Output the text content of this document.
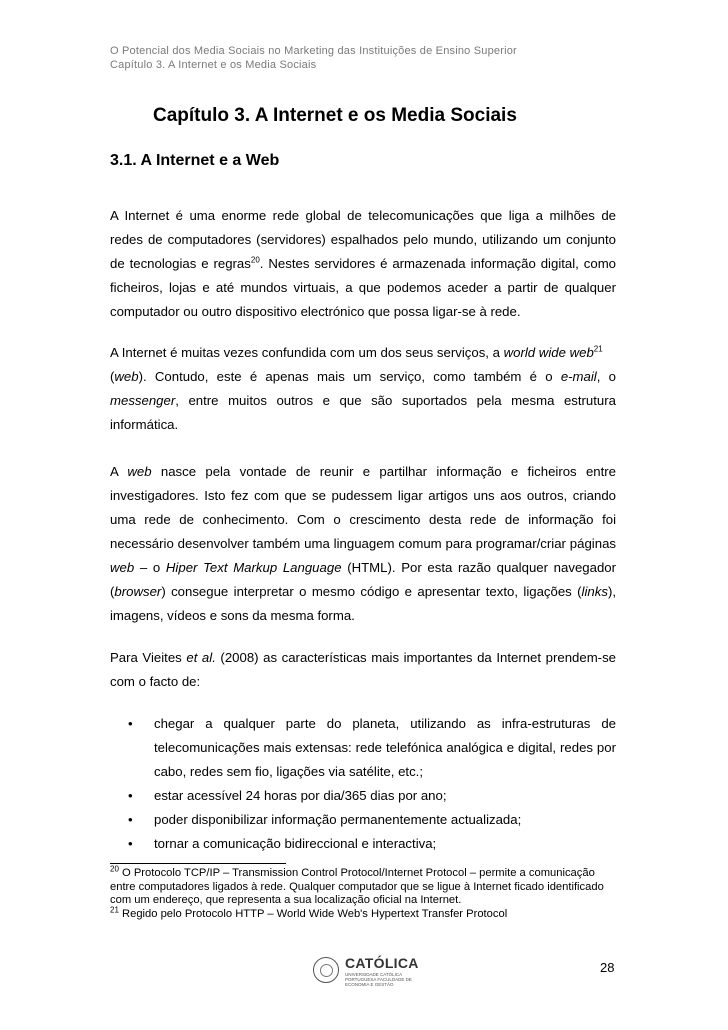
O Potencial dos Media Sociais no Marketing das Instituições de Ensino Superior
Capítulo 3. A Internet e os Media Sociais
Capítulo 3. A Internet e os Media Sociais
3.1. A Internet e a Web

A Internet é uma enorme rede global de telecomunicações que liga a milhões de redes de computadores (servidores) espalhados pelo mundo, utilizando um conjunto de tecnologias e regras$^{20}$. Nestes servidores é armazenada informação digital, como ficheiros, lojas e até mundos virtuais, a que podemos aceder a partir de qualquer computador ou outro dispositivo electrónico que possa ligar-se à rede.

A Internet é muitas vezes confundida com um dos seus serviços, a world wide web$^{21}$
(web). Contudo, este é apenas mais um serviço, como também é o e-mail, o messenger, entre muitos outros e que são suportados pela mesma estrutura informática.

A web nasce pela vontade de reunir e partilhar informação e ficheiros entre investigadores. Isto fez com que se pudessem ligar artigos uns aos outros, criando uma rede de conhecimento. Com o crescimento desta rede de informação foi necessário desenvolver também uma linguagem comum para programar/criar páginas web – o Hiper Text Markup Language (HTML). Por esta razão qualquer navegador (browser) consegue interpretar o mesmo código e apresentar texto, ligações (links), imagens, vídeos e sons da mesma forma.

Para Vieites et al. (2008) as características mais importantes da Internet prendem-se com o facto de:

• chegar a qualquer parte do planeta, utilizando as infra-estruturas de telecomunicações mais extensas: rede telefónica analógica e digital, redes por cabo, redes sem fio, ligações via satélite, etc.;
• estar acessível 24 horas por dia/365 dias por ano;
• poder disponibilizar informação permanentemente actualizada;
• tornar a comunicação bidireccional e interactiva;

$^{20}$ O Protocolo TCP/IP – Transmission Control Protocol/Internet Protocol – permite a comunicação entre computadores ligados à rede. Qualquer computador que se ligue à Internet ficado identificado com um endereço, que representa a sua localização oficial na Internet.

$^{21}$ Regido pelo Protocolo HTTP – World Wide Web's Hypertext Transfer Protocol

CATÓLICA
UNIVERSIDADE CATÓLICA PORTUGUESA FACULDADE DE ECONOMIA E GESTÃO
28
